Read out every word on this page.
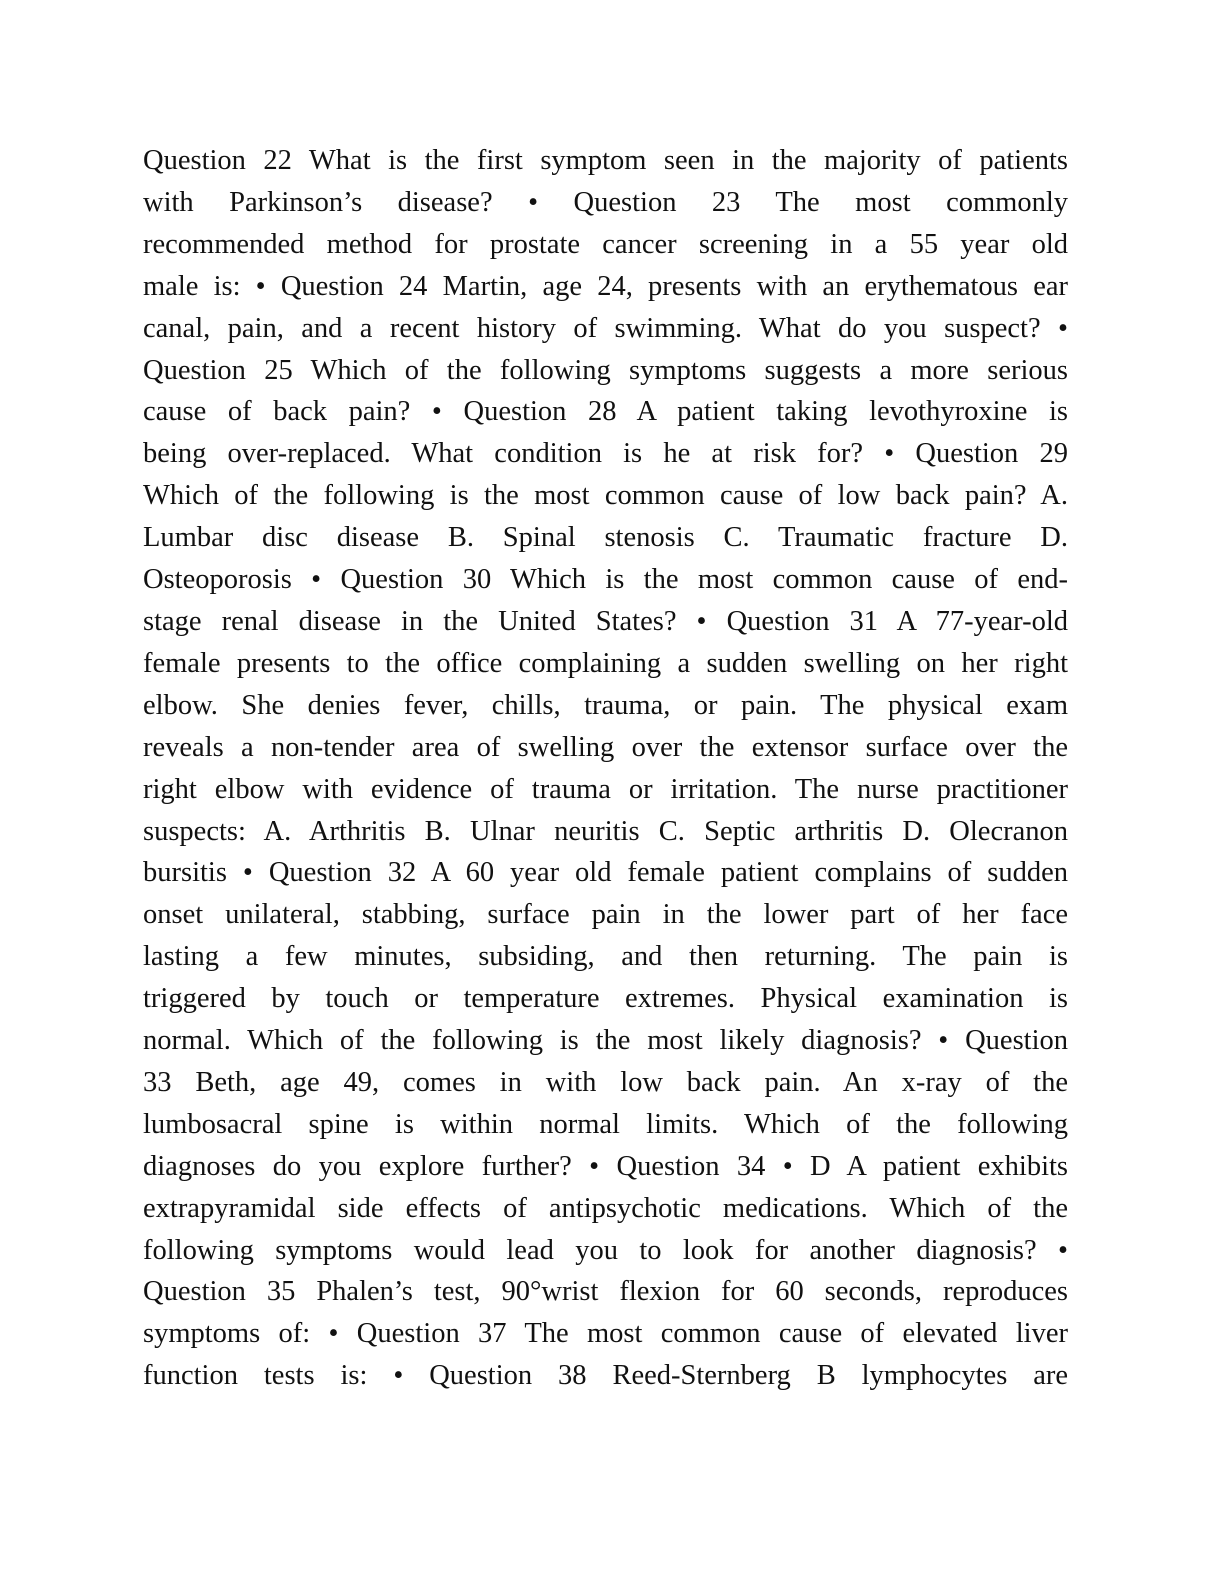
Question 22 What is the first symptom seen in the majority of patients
with Parkinson’s disease? • Question 23 The most commonly
recommended method for prostate cancer screening in a 55 year old
male is: • Question 24 Martin, age 24, presents with an erythematous ear
canal, pain, and a recent history of swimming. What do you suspect? •
Question 25 Which of the following symptoms suggests a more serious
cause of back pain? • Question 28 A patient taking levothyroxine is
being over-replaced. What condition is he at risk for? • Question 29
Which of the following is the most common cause of low back pain? A.
Lumbar disc disease B. Spinal stenosis C. Traumatic fracture D.
Osteoporosis • Question 30 Which is the most common cause of end-
stage renal disease in the United States? • Question 31 A 77-year-old
female presents to the office complaining a sudden swelling on her right
elbow. She denies fever, chills, trauma, or pain. The physical exam
reveals a non-tender area of swelling over the extensor surface over the
right elbow with evidence of trauma or irritation. The nurse practitioner
suspects: A. Arthritis B. Ulnar neuritis C. Septic arthritis D. Olecranon
bursitis • Question 32 A 60 year old female patient complains of sudden
onset unilateral, stabbing, surface pain in the lower part of her face
lasting a few minutes, subsiding, and then returning. The pain is
triggered by touch or temperature extremes. Physical examination is
normal. Which of the following is the most likely diagnosis? • Question
33 Beth, age 49, comes in with low back pain. An x-ray of the
lumbosacral spine is within normal limits. Which of the following
diagnoses do you explore further? • Question 34 • D A patient exhibits
extrapyramidal side effects of antipsychotic medications. Which of the
following symptoms would lead you to look for another diagnosis? •
Question 35 Phalen’s test, 90°wrist flexion for 60 seconds, reproduces
symptoms of: • Question 37 The most common cause of elevated liver
function tests is: • Question 38 Reed-Sternberg B lymphocytes are
